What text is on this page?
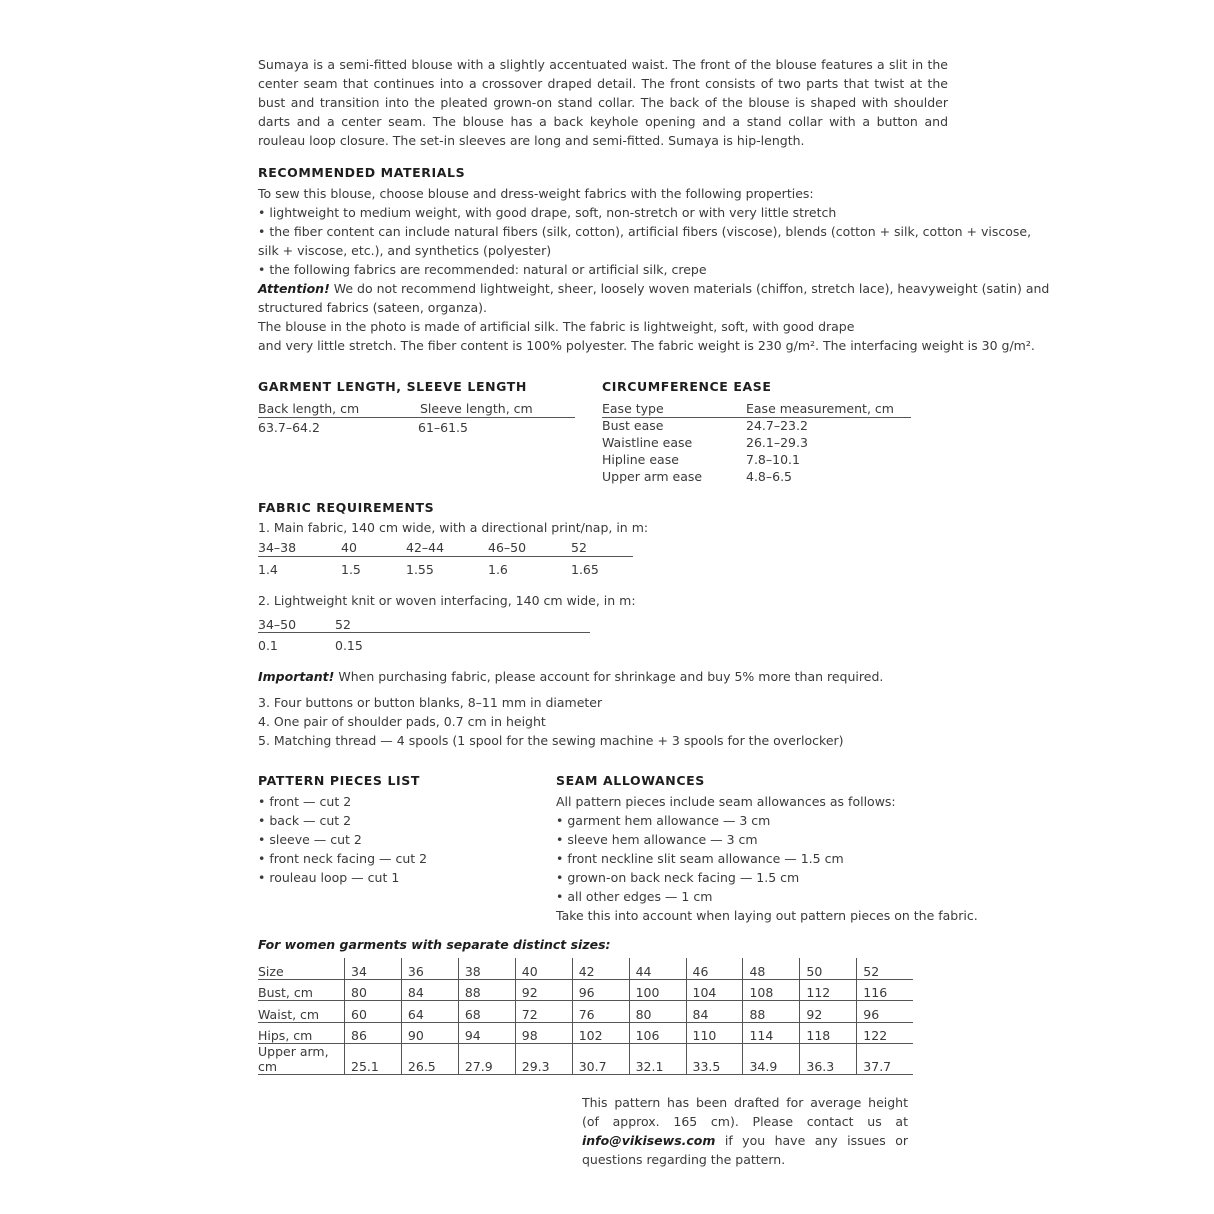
Sumaya is a semi-fitted blouse with a slightly accentuated waist. The front of the blouse features a slit in the center seam that continues into a crossover draped detail. The front consists of two parts that twist at the bust and transition into the pleated grown-on stand collar. The back of the blouse is shaped with shoulder darts and a center seam. The blouse has a back keyhole opening and a stand collar with a button and rouleau loop closure. The set-in sleeves are long and semi-fitted. Sumaya is hip-length.
RECOMMENDED MATERIALS
To sew this blouse, choose blouse and dress-weight fabrics with the following properties:
• lightweight to medium weight, with good drape, soft, non-stretch or with very little stretch
• the fiber content can include natural fibers (silk, cotton), artificial fibers (viscose), blends (cotton + silk, cotton + viscose,
silk + viscose, etc.), and synthetics (polyester)
• the following fabrics are recommended: natural or artificial silk, crepe
Attention! We do not recommend lightweight, sheer, loosely woven materials (chiffon, stretch lace), heavyweight (satin) and
structured fabrics (sateen, organza).
The blouse in the photo is made of artificial silk. The fabric is lightweight, soft, with good drape
and very little stretch. The fiber content is 100% polyester. The fabric weight is 230 g/m². The interfacing weight is 30 g/m².
GARMENT LENGTH, SLEEVE LENGTH
Back length, cm	Sleeve length, cm
63.7–64.2	61–61.5
CIRCUMFERENCE EASE
Ease type	Ease measurement, cm
Bust ease	24.7–23.2
Waistline ease	26.1–29.3
Hipline ease	7.8–10.1
Upper arm ease	4.8–6.5
FABRIC REQUIREMENTS
1. Main fabric, 140 cm wide, with a directional print/nap, in m:
34–38	40	42–44	46–50	52
1.4	1.5	1.55	1.6	1.65
2. Lightweight knit or woven interfacing, 140 cm wide, in m:
34–50	52
0.1	0.15
Important! When purchasing fabric, please account for shrinkage and buy 5% more than required.
3. Four buttons or button blanks, 8–11 mm in diameter
4. One pair of shoulder pads, 0.7 cm in height
5. Matching thread — 4 spools (1 spool for the sewing machine + 3 spools for the overlocker)
PATTERN PIECES LIST
• front — cut 2
• back — cut 2
• sleeve — cut 2
• front neck facing — cut 2
• rouleau loop — cut 1
SEAM ALLOWANCES
All pattern pieces include seam allowances as follows:
• garment hem allowance — 3 cm
• sleeve hem allowance — 3 cm
• front neckline slit seam allowance — 1.5 cm
• grown-on back neck facing — 1.5 cm
• all other edges — 1 cm
Take this into account when laying out pattern pieces on the fabric.
For women garments with separate distinct sizes:
Size	34	36	38	40	42	44	46	48	50	52
Bust, cm	80	84	88	92	96	100	104	108	112	116
Waist, cm	60	64	68	72	76	80	84	88	92	96
Hips, cm	86	90	94	98	102	106	110	114	118	122
Upper arm, cm	25.1	26.5	27.9	29.3	30.7	32.1	33.5	34.9	36.3	37.7
This pattern has been drafted for average height (of approx. 165 cm). Please contact us at info@vikisews.com if you have any issues or questions regarding the pattern.
